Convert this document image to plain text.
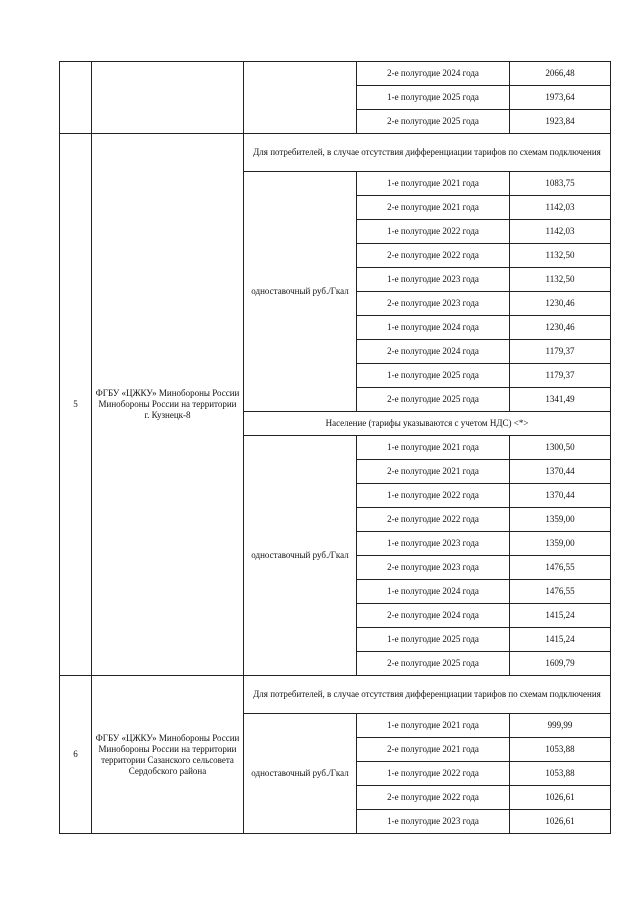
			2-е полугодие 2024 года	2066,48
			1-е полугодие 2025 года	1973,64
			2-е полугодие 2025 года	1923,84
5	ФГБУ «ЦЖКУ» Минобороны России Минобороны России на территории г. Кузнецк-8	Для потребителей, в случае отсутствия дифференциации тарифов по схемам подключения		
		одноставочный руб./Гкал	1-е полугодие 2021 года	1083,75
			2-е полугодие 2021 года	1142,03
			1-е полугодие 2022 года	1142,03
			2-е полугодие 2022 года	1132,50
			1-е полугодие 2023 года	1132,50
			2-е полугодие 2023 года	1230,46
			1-е полугодие 2024 года	1230,46
			2-е полугодие 2024 года	1179,37
			1-е полугодие 2025 года	1179,37
			2-е полугодие 2025 года	1341,49
		Население (тарифы указываются с учетом НДС) <*>		
		одноставочный руб./Гкал	1-е полугодие 2021 года	1300,50
			2-е полугодие 2021 года	1370,44
			1-е полугодие 2022 года	1370,44
			2-е полугодие 2022 года	1359,00
			1-е полугодие 2023 года	1359,00
			2-е полугодие 2023 года	1476,55
			1-е полугодие 2024 года	1476,55
			2-е полугодие 2024 года	1415,24
			1-е полугодие 2025 года	1415,24
			2-е полугодие 2025 года	1609,79
6	ФГБУ «ЦЖКУ» Минобороны России Минобороны России на территории территории Сазанского сельсовета Сердобского района	Для потребителей, в случае отсутствия дифференциации тарифов по схемам подключения		
		одноставочный руб./Гкал	1-е полугодие 2021 года	999,99
			2-е полугодие 2021 года	1053,88
			1-е полугодие 2022 года	1053,88
			2-е полугодие 2022 года	1026,61
			1-е полугодие 2023 года	1026,61
